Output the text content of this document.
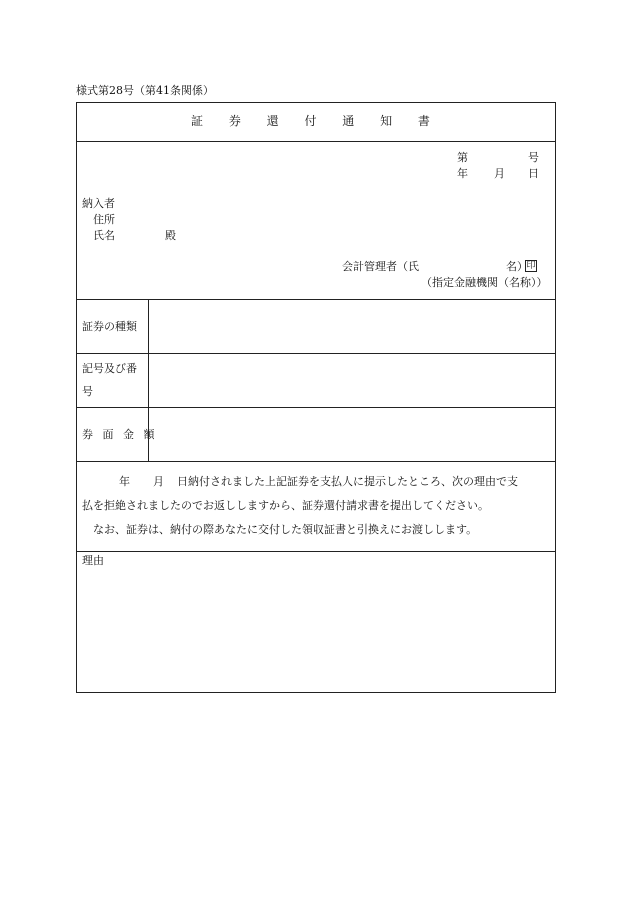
様式第28号（第41条関係）
証 券 還 付 通 知 書
第	号
年 月 日
納入者
住所
氏名	殿
会計管理者（氏	名）
印
（指定金融機関（名称））
証券の種類
記号及び番
号
券 面 金 額
年 月 日納付されました上記証券を支払人に提示したところ、次の理由で支
払を拒絶されましたのでお返ししますから、証券還付請求書を提出してください。
なお、証券は、納付の際あなたに交付した領収証書と引換えにお渡しします。
理由
